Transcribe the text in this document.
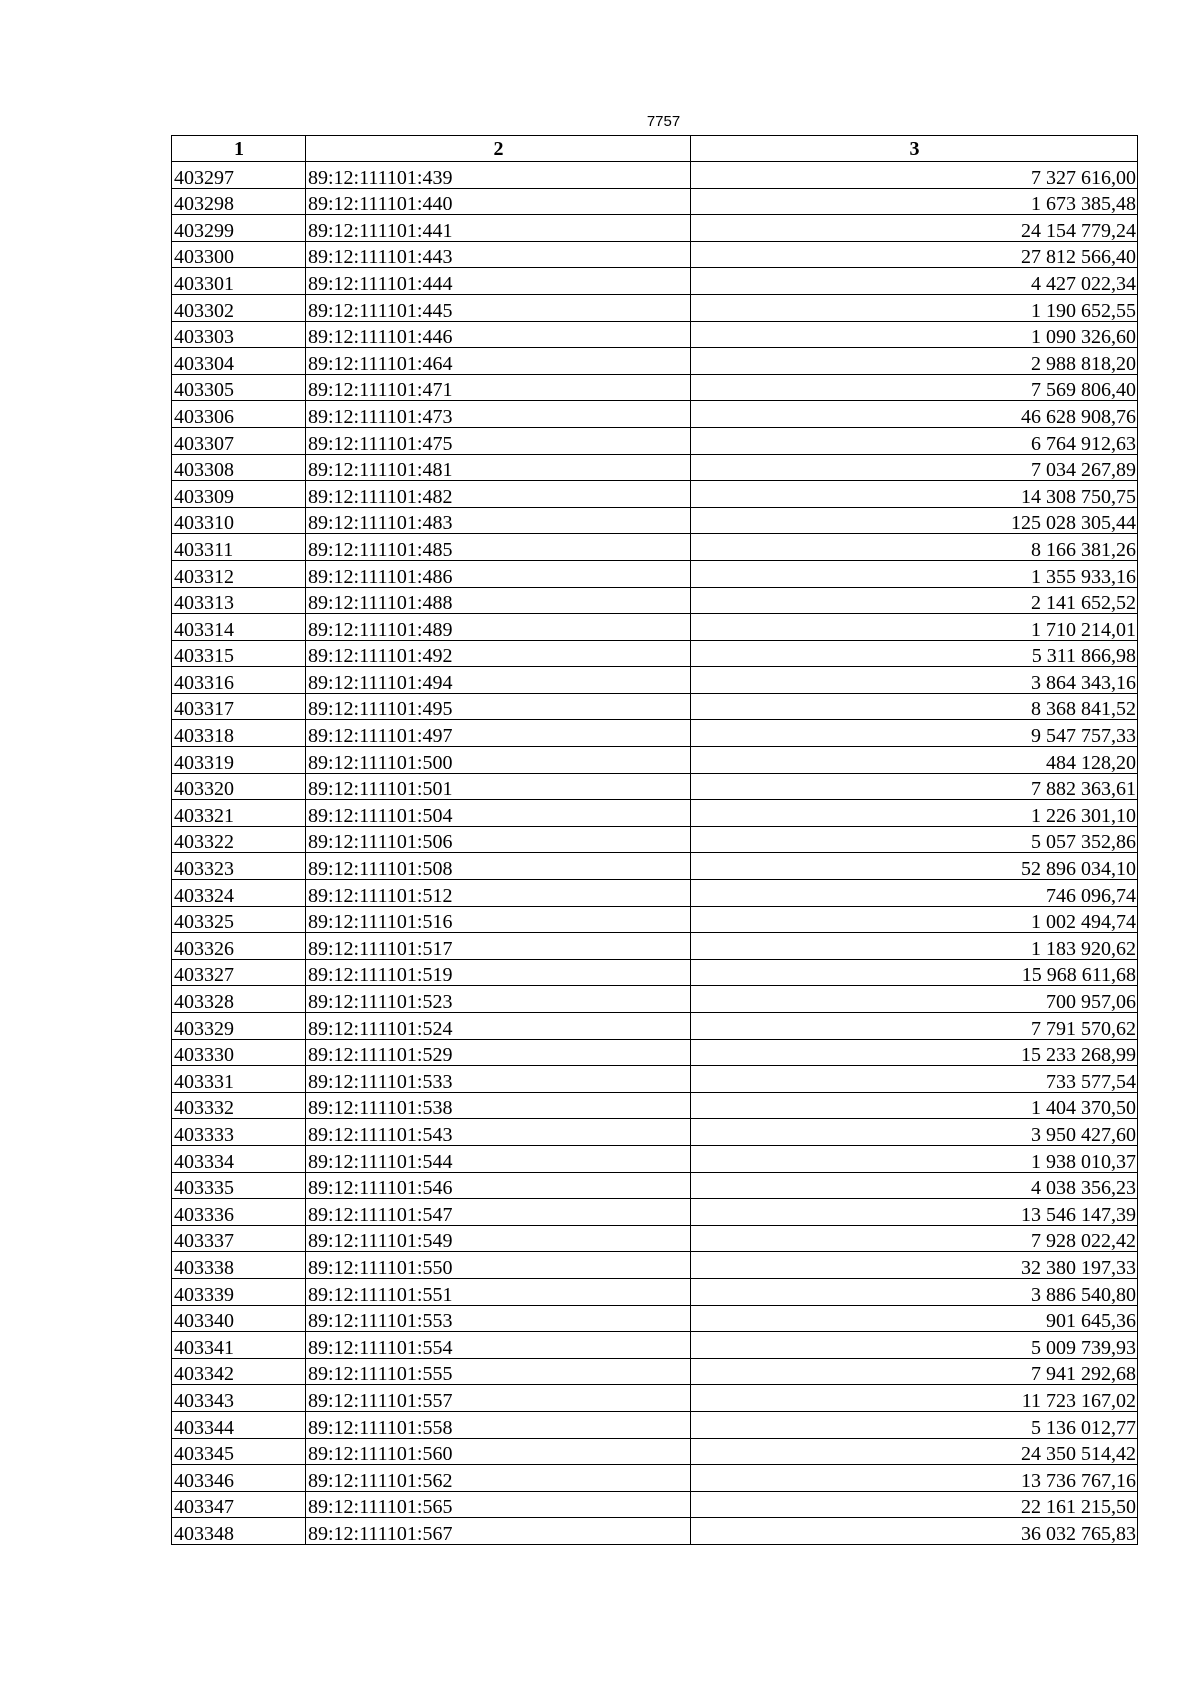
7757
1	2	3
403297	89:12:111101:439	7 327 616,00
403298	89:12:111101:440	1 673 385,48
403299	89:12:111101:441	24 154 779,24
403300	89:12:111101:443	27 812 566,40
403301	89:12:111101:444	4 427 022,34
403302	89:12:111101:445	1 190 652,55
403303	89:12:111101:446	1 090 326,60
403304	89:12:111101:464	2 988 818,20
403305	89:12:111101:471	7 569 806,40
403306	89:12:111101:473	46 628 908,76
403307	89:12:111101:475	6 764 912,63
403308	89:12:111101:481	7 034 267,89
403309	89:12:111101:482	14 308 750,75
403310	89:12:111101:483	125 028 305,44
403311	89:12:111101:485	8 166 381,26
403312	89:12:111101:486	1 355 933,16
403313	89:12:111101:488	2 141 652,52
403314	89:12:111101:489	1 710 214,01
403315	89:12:111101:492	5 311 866,98
403316	89:12:111101:494	3 864 343,16
403317	89:12:111101:495	8 368 841,52
403318	89:12:111101:497	9 547 757,33
403319	89:12:111101:500	484 128,20
403320	89:12:111101:501	7 882 363,61
403321	89:12:111101:504	1 226 301,10
403322	89:12:111101:506	5 057 352,86
403323	89:12:111101:508	52 896 034,10
403324	89:12:111101:512	746 096,74
403325	89:12:111101:516	1 002 494,74
403326	89:12:111101:517	1 183 920,62
403327	89:12:111101:519	15 968 611,68
403328	89:12:111101:523	700 957,06
403329	89:12:111101:524	7 791 570,62
403330	89:12:111101:529	15 233 268,99
403331	89:12:111101:533	733 577,54
403332	89:12:111101:538	1 404 370,50
403333	89:12:111101:543	3 950 427,60
403334	89:12:111101:544	1 938 010,37
403335	89:12:111101:546	4 038 356,23
403336	89:12:111101:547	13 546 147,39
403337	89:12:111101:549	7 928 022,42
403338	89:12:111101:550	32 380 197,33
403339	89:12:111101:551	3 886 540,80
403340	89:12:111101:553	901 645,36
403341	89:12:111101:554	5 009 739,93
403342	89:12:111101:555	7 941 292,68
403343	89:12:111101:557	11 723 167,02
403344	89:12:111101:558	5 136 012,77
403345	89:12:111101:560	24 350 514,42
403346	89:12:111101:562	13 736 767,16
403347	89:12:111101:565	22 161 215,50
403348	89:12:111101:567	36 032 765,83
